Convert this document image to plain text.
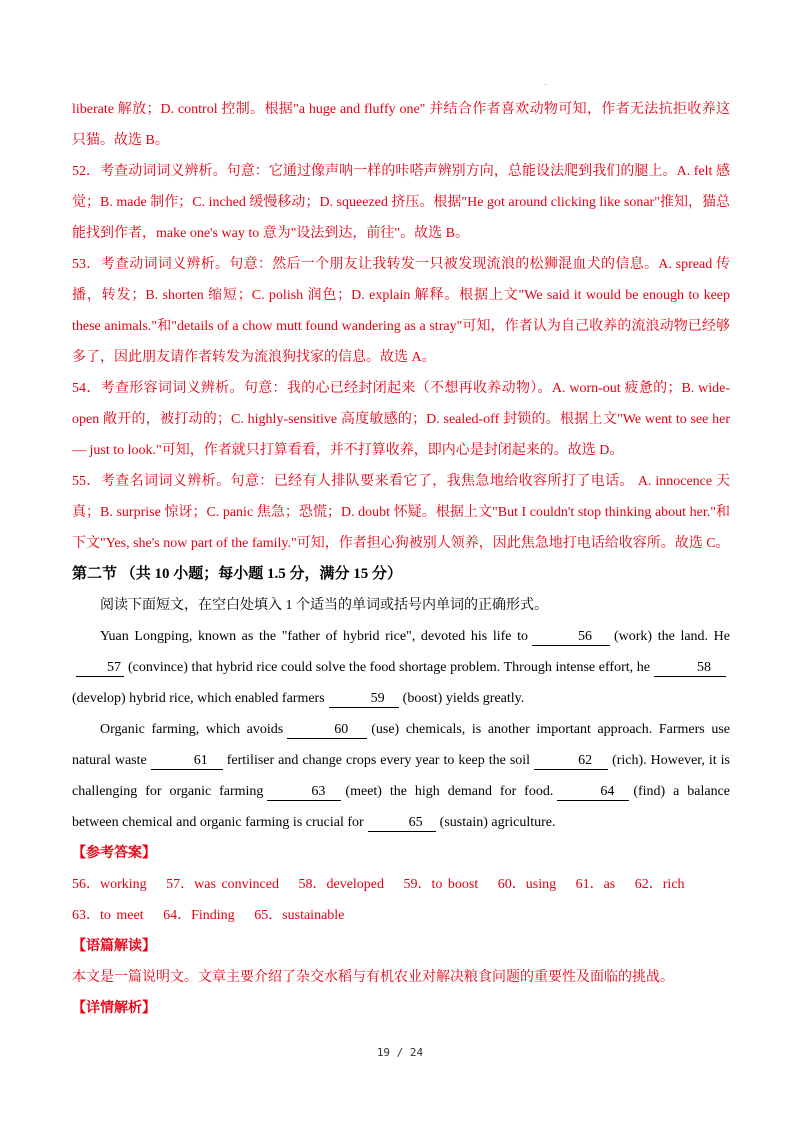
liberate 解放；D. control 控制。根据"a huge and fluffy one" 并结合作者喜欢动物可知，作者无法抗拒收养这只猫。故选 B。

52．考查动词词义辨析。句意：它通过像声呐一样的咔嗒声辨别方向，总能设法爬到我们的腿上。A. felt 感觉；B. made 制作；C. inched 缓慢移动；D. squeezed 挤压。根据"He got around clicking like sonar"推知，猫总能找到作者，make one's way to 意为"设法到达，前往"。故选 B。

53．考查动词词义辨析。句意：然后一个朋友让我转发一只被发现流浪的松狮混血犬的信息。A. spread 传播，转发；B. shorten 缩短；C. polish 润色；D. explain 解释。根据上文"We said it would be enough to keep these animals."和"details of a chow mutt found wandering as a stray"可知，作者认为自己收养的流浪动物已经够多了，因此朋友请作者转发为流浪狗找家的信息。故选 A。

54．考查形容词词义辨析。句意：我的心已经封闭起来（不想再收养动物）。A. worn-out 疲惫的；B. wide-open 敞开的，被打动的；C. highly-sensitive 高度敏感的；D. sealed-off 封锁的。根据上文"We went to see her — just to look."可知，作者就只打算看看，并不打算收养，即内心是封闭起来的。故选 D。

55．考查名词词义辨析。句意：已经有人排队要来看它了，我焦急地给收容所打了电话。 A. innocence 天真；B. surprise 惊讶；C. panic 焦急；恐慌；D. doubt 怀疑。根据上文"But I couldn't stop thinking about her."和下文"Yes, she's now part of the family."可知，作者担心狗被别人领养，因此焦急地打电话给收容所。故选 C。

第二节 （共 10 小题；每小题 1.5 分，满分 15 分）

阅读下面短文，在空白处填入 1 个适当的单词或括号内单词的正确形式。

Yuan Longping, known as the "father of hybrid rice", devoted his life to	56 (work) the land. He 57 (convince) that hybrid rice could solve the food shortage problem. Through intense effort, he	58(develop) hybrid rice, which enabled farmers	59 (boost) yields greatly.

Organic farming, which avoids	60 (use) chemicals, is another important approach. Farmers use natural waste	61 fertiliser and change crops every year to keep the soil	62 (rich). However, it is challenging for organic farming	63 (meet) the high demand for food.	64 (find) a balance between chemical and organic farming is crucial for	65 (sustain) agriculture.

【参考答案】

56．working 57．was convinced 58．developed 59．to boost 60．using 61．as 62．rich 63．to meet 64．Finding 65．sustainable

【语篇解读】

本文是一篇说明文。文章主要介绍了杂交水稻与有机农业对解决粮食问题的重要性及面临的挑战。

【详情解析】

19 / 24
